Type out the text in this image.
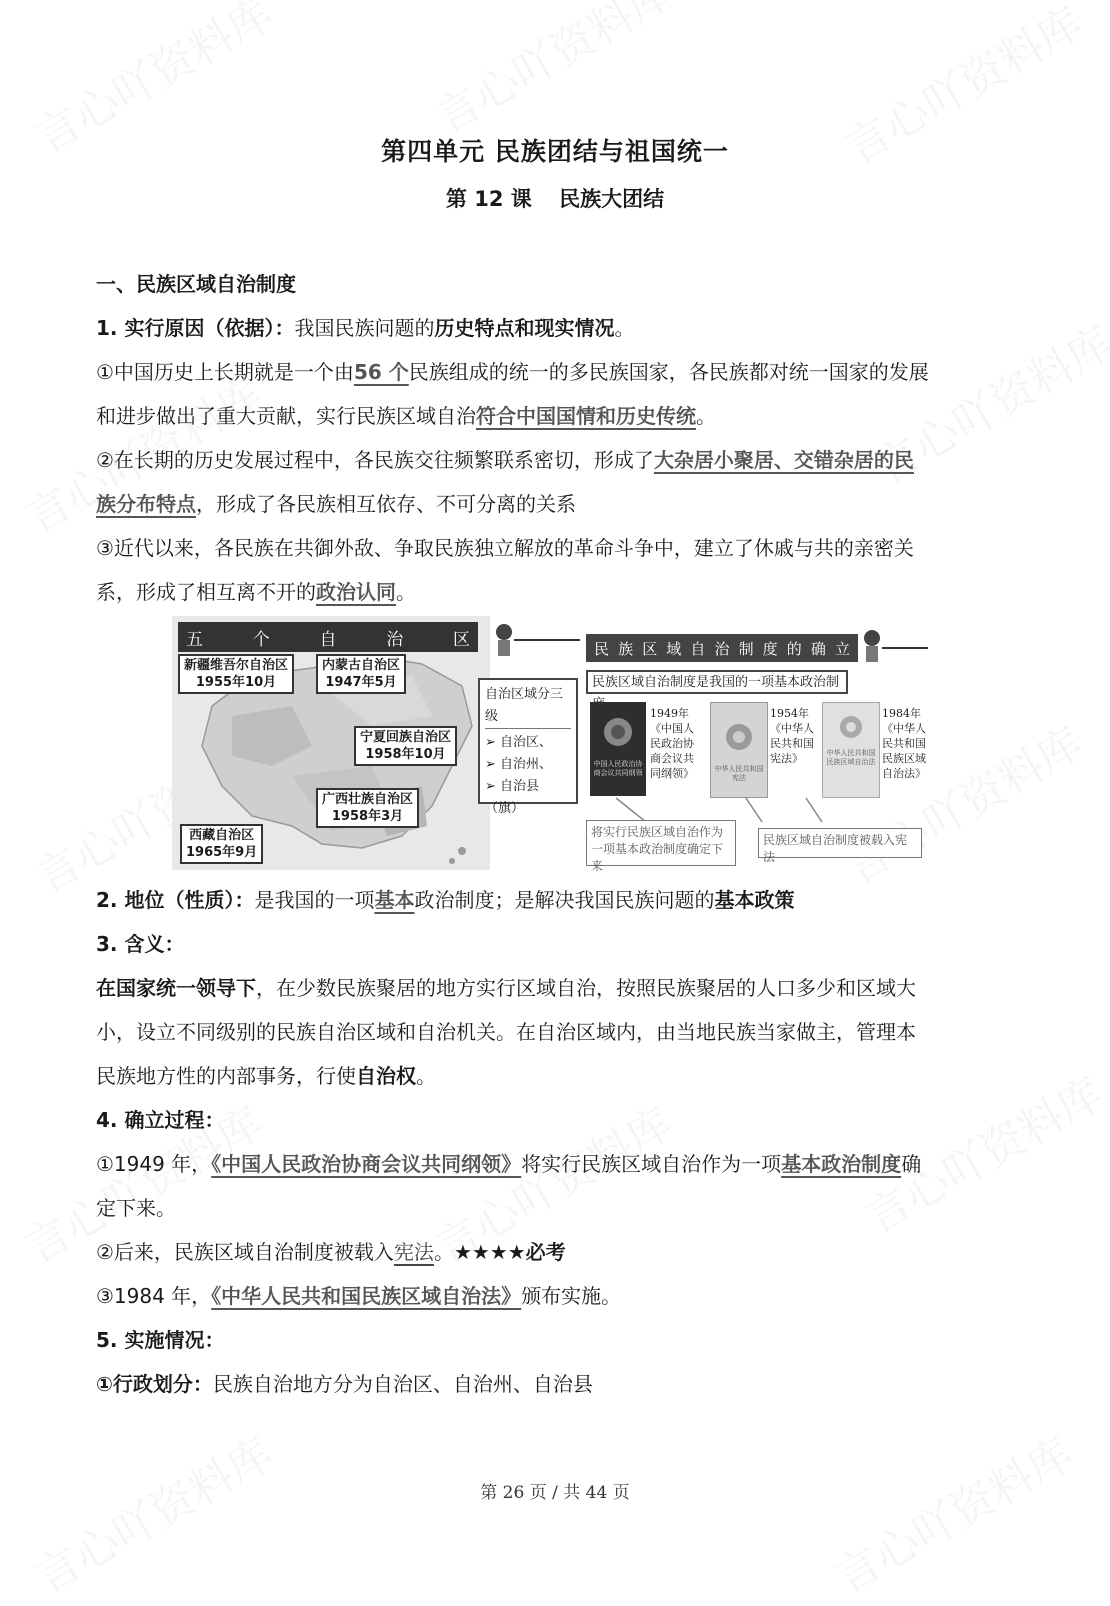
第四单元 民族团结与祖国统一
第 12 课 民族大团结
一、民族区域自治制度
1. 实行原因（依据）：我国民族问题的历史特点和现实情况。
①中国历史上长期就是一个由56 个民族组成的统一的多民族国家，各民族都对统一国家的发展
和进步做出了重大贡献，实行民族区域自治符合中国国情和历史传统。
②在长期的历史发展过程中，各民族交往频繁联系密切，形成了大杂居小聚居、交错杂居的民
族分布特点，形成了各民族相互依存、不可分离的关系
③近代以来，各民族在共御外敌、争取民族独立解放的革命斗争中，建立了休戚与共的亲密关
系，形成了相互离不开的政治认同。
五	个	自	治	区
新疆维吾尔自治区
1955年10月
内蒙古自治区
1947年5月
宁夏回族自治区
1958年10月
广西壮族自治区
1958年3月
西藏自治区
1965年9月
自治区域分三级
➢ 自治区、
➢ 自治州、
➢ 自治县（旗）
民 族 区 域 自 治 制 度 的 确 立
民族区域自治制度是我国的一项基本政治制
中国人民政治协商会议共同纲领
1949年
《中国人民政治协商会议共同纲领》	中华人民共和国宪法
1954年
《中华人民共和国宪法》	中华人民共和国民族区域自治法
1984年
《中华人民共和国民族区域自治法》
将实行民族区域自治作为一项基本政治制度确定下来
民族区域自治制度被载入宪法
2. 地位（性质）：是我国的一项基本政治制度；是解决我国民族问题的基本政策
3. 含义：
在国家统一领导下，在少数民族聚居的地方实行区域自治，按照民族聚居的人口多少和区域大
小，设立不同级别的民族自治区域和自治机关。在自治区域内，由当地民族当家做主，管理本
民族地方性的内部事务，行使自治权。
4. 确立过程：
①1949 年，《中国人民政治协商会议共同纲领》将实行民族区域自治作为一项基本政治制度确
定下来。
②后来，民族区域自治制度被载入宪法。★★★★必考
③1984 年，《中华人民共和国民族区域自治法》颁布实施。
5. 实施情况：
①行政划分：民族自治地方分为自治区、自治州、自治县
第 26 页 / 共 44 页
